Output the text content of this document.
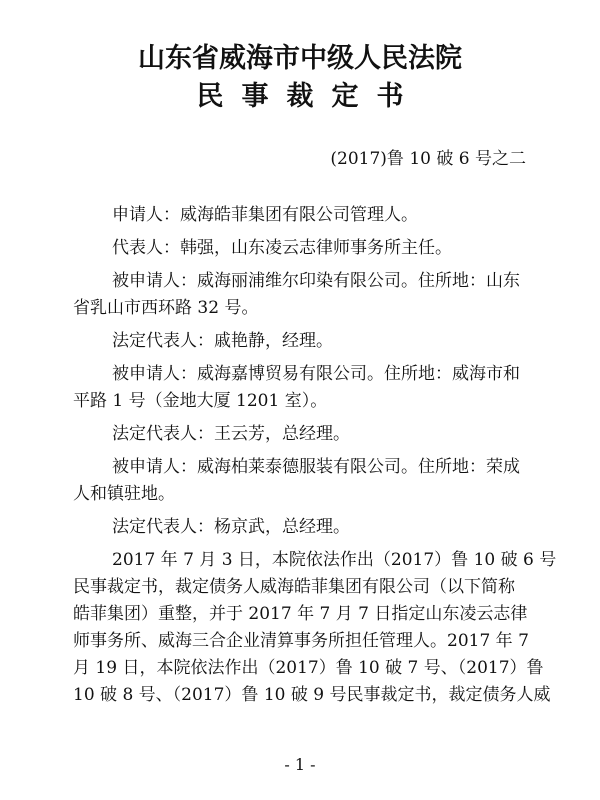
山东省威海市中级人民法院
民事裁定书
(2017)鲁 10 破 6 号之二
申请人：威海皓菲集团有限公司管理人。
代表人：韩强，山东凌云志律师事务所主任。
被申请人：威海丽浦维尔印染有限公司。住所地：山东
省乳山市西环路 32 号。
法定代表人：戚艳静，经理。
被申请人：威海嘉博贸易有限公司。住所地：威海市和
平路 1 号（金地大厦 1201 室）。
法定代表人：王云芳，总经理。
被申请人：威海柏莱泰德服装有限公司。住所地：荣成
人和镇驻地。
法定代表人：杨京武，总经理。
2017 年 7 月 3 日，本院依法作出（2017）鲁 10 破 6 号
民事裁定书，裁定债务人威海皓菲集团有限公司（以下简称
皓菲集团）重整，并于 2017 年 7 月 7 日指定山东凌云志律
师事务所、威海三合企业清算事务所担任管理人。2017 年 7
月 19 日，本院依法作出（2017）鲁 10 破 7 号、（2017）鲁
10 破 8 号、（2017）鲁 10 破 9 号民事裁定书，裁定债务人威
- 1 -
